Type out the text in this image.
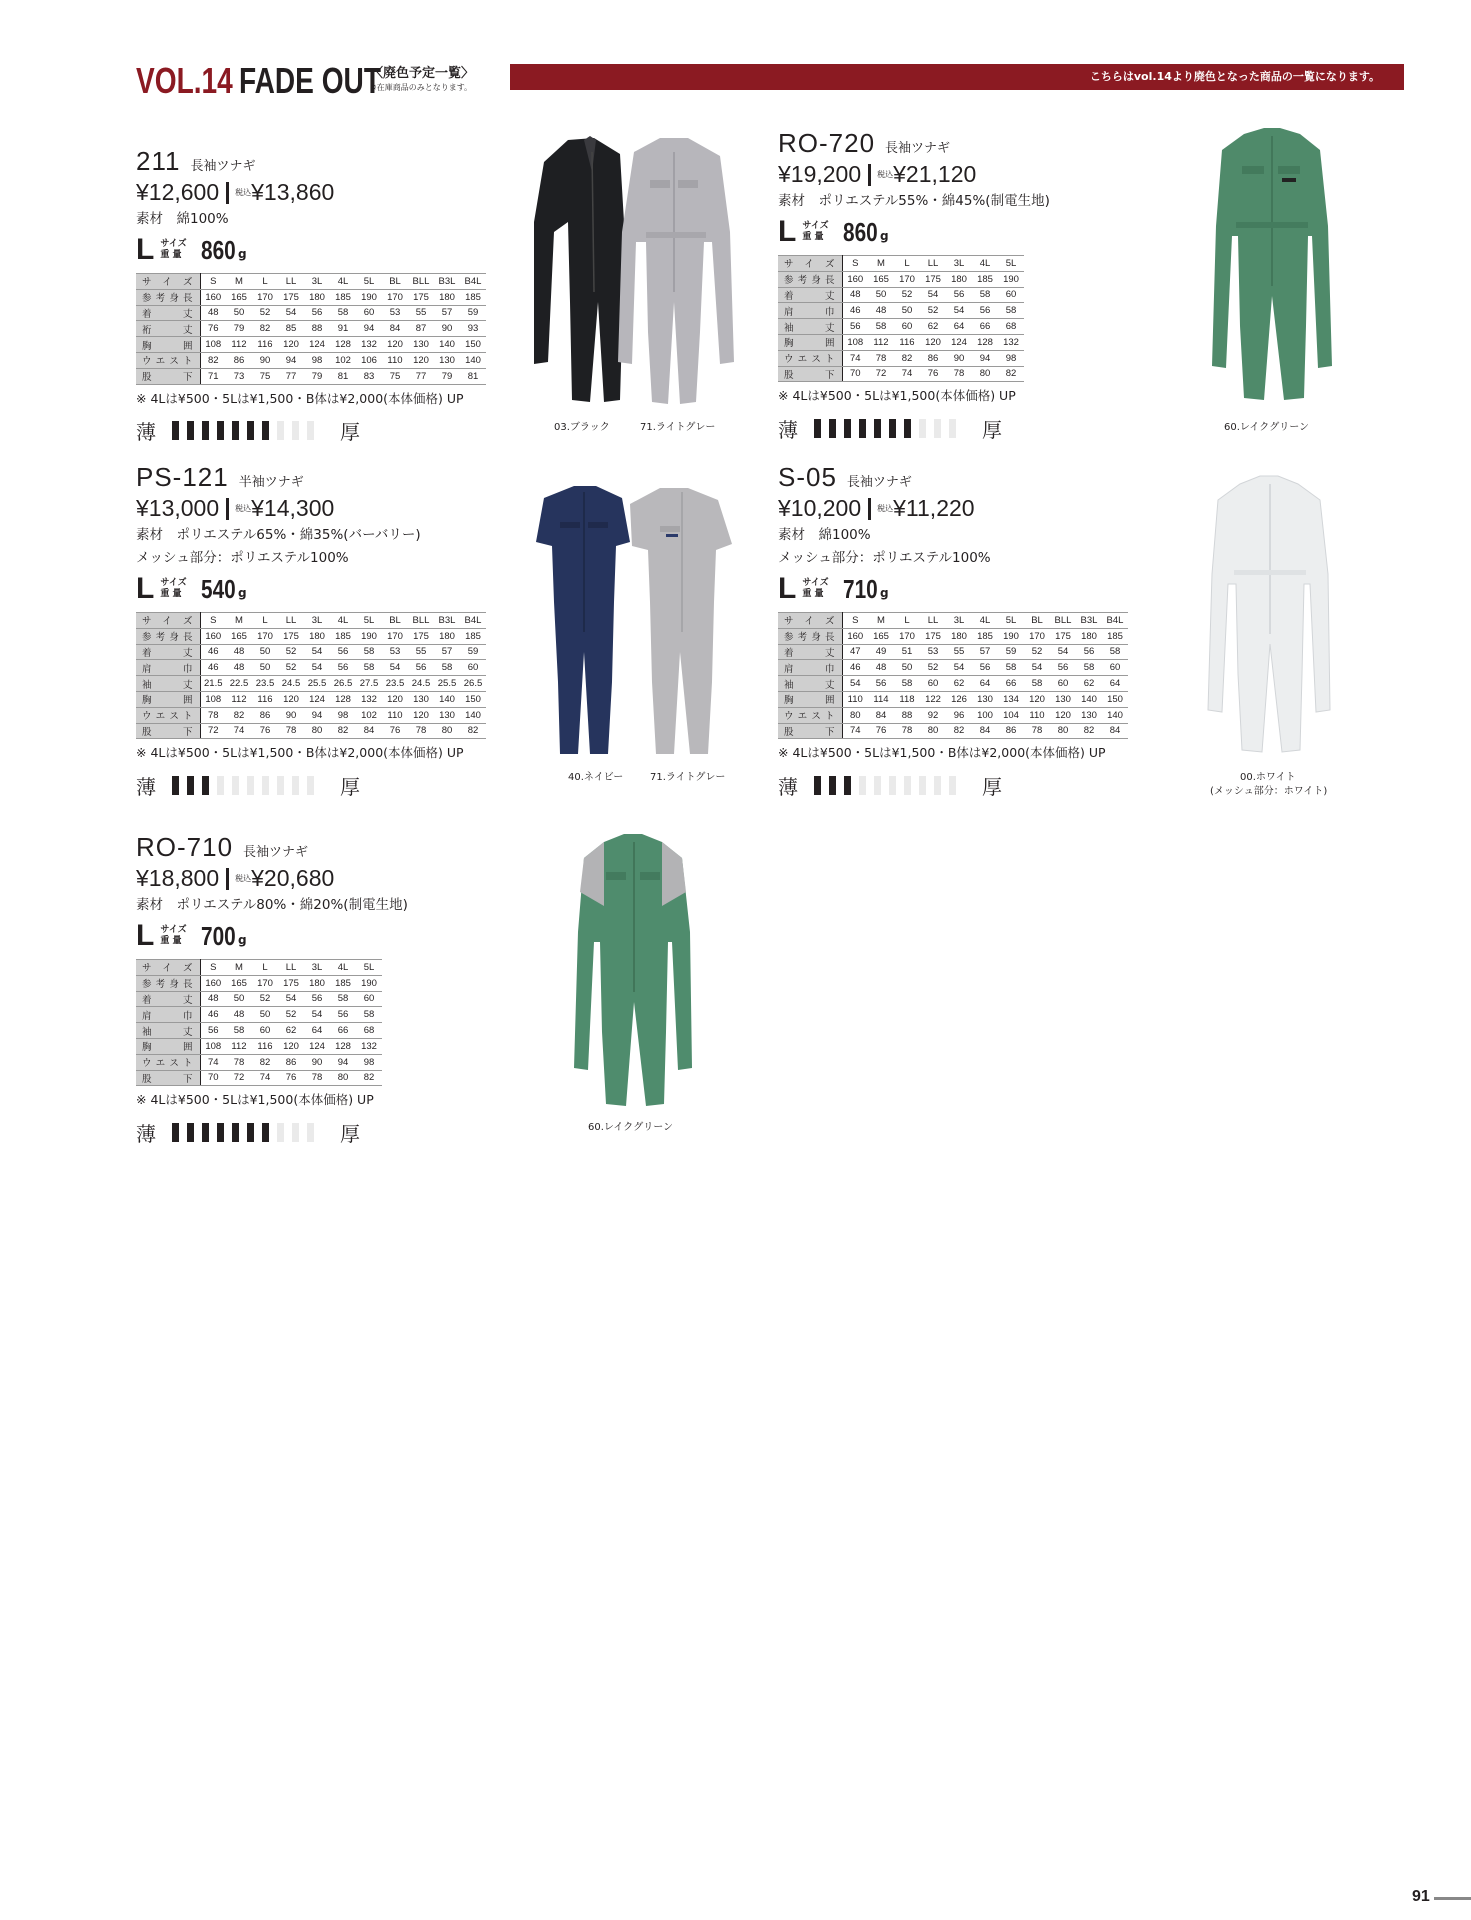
VOL.14 FADE OUT
〈廃色予定一覧〉
※在庫商品のみとなります。
こちらはvol.14より廃色となった商品の一覧になります。
211 長袖ツナギ
¥12,600 税込 ¥13,860
素材　綿100%
L サイズ
重 量 860 g
サイズ	S	M	L	LL	3L	4L	5L	BL	BLL	B3L	B4L
参考身長	160	165	170	175	180	185	190	170	175	180	185
着丈	48	50	52	54	56	58	60	53	55	57	59
裄丈	76	79	82	85	88	91	94	84	87	90	93
胸囲	108	112	116	120	124	128	132	120	130	140	150
ウエスト	82	86	90	94	98	102	106	110	120	130	140
股下	71	73	75	77	79	81	83	75	77	79	81
※ 4Lは¥500・5Lは¥1,500・B体は¥2,000(本体価格) UP
薄	厚
RO-720 長袖ツナギ
¥19,200 税込 ¥21,120
素材　ポリエステル55%・綿45%(制電生地)
L サイズ
重 量 860 g
サイズ	S	M	L	LL	3L	4L	5L
参考身長	160	165	170	175	180	185	190
着丈	48	50	52	54	56	58	60
肩巾	46	48	50	52	54	56	58
袖丈	56	58	60	62	64	66	68
胸囲	108	112	116	120	124	128	132
ウエスト	74	78	82	86	90	94	98
股下	70	72	74	76	78	80	82
※ 4Lは¥500・5Lは¥1,500(本体価格) UP
薄	厚
PS-121 半袖ツナギ
¥13,000 税込 ¥14,300
素材　ポリエステル65%・綿35%(バーバリー)
メッシュ部分：ポリエステル100%
L サイズ
重 量 540 g
サイズ	S	M	L	LL	3L	4L	5L	BL	BLL	B3L	B4L
参考身長	160	165	170	175	180	185	190	170	175	180	185
着丈	46	48	50	52	54	56	58	53	55	57	59
肩巾	46	48	50	52	54	56	58	54	56	58	60
袖丈	21.5	22.5	23.5	24.5	25.5	26.5	27.5	23.5	24.5	25.5	26.5
胸囲	108	112	116	120	124	128	132	120	130	140	150
ウエスト	78	82	86	90	94	98	102	110	120	130	140
股下	72	74	76	78	80	82	84	76	78	80	82
※ 4Lは¥500・5Lは¥1,500・B体は¥2,000(本体価格) UP
薄	厚
S-05 長袖ツナギ
¥10,200 税込 ¥11,220
素材　綿100%
メッシュ部分：ポリエステル100%
L サイズ
重 量 710 g
サイズ	S	M	L	LL	3L	4L	5L	BL	BLL	B3L	B4L
参考身長	160	165	170	175	180	185	190	170	175	180	185
着丈	47	49	51	53	55	57	59	52	54	56	58
肩巾	46	48	50	52	54	56	58	54	56	58	60
袖丈	54	56	58	60	62	64	66	58	60	62	64
胸囲	110	114	118	122	126	130	134	120	130	140	150
ウエスト	80	84	88	92	96	100	104	110	120	130	140
股下	74	76	78	80	82	84	86	78	80	82	84
※ 4Lは¥500・5Lは¥1,500・B体は¥2,000(本体価格) UP
薄	厚
RO-710 長袖ツナギ
¥18,800 税込 ¥20,680
素材　ポリエステル80%・綿20%(制電生地)
L サイズ
重 量 700 g
サイズ	S	M	L	LL	3L	4L	5L
参考身長	160	165	170	175	180	185	190
着丈	48	50	52	54	56	58	60
肩巾	46	48	50	52	54	56	58
袖丈	56	58	60	62	64	66	68
胸囲	108	112	116	120	124	128	132
ウエスト	74	78	82	86	90	94	98
股下	70	72	74	76	78	80	82
※ 4Lは¥500・5Lは¥1,500(本体価格) UP
薄	厚
03.ブラック	71.ライトグレー	60.レイクグリーン
40.ネイビー	71.ライトグレー	00.ホワイト
(メッシュ部分：ホワイト)
60.レイクグリーン
91
